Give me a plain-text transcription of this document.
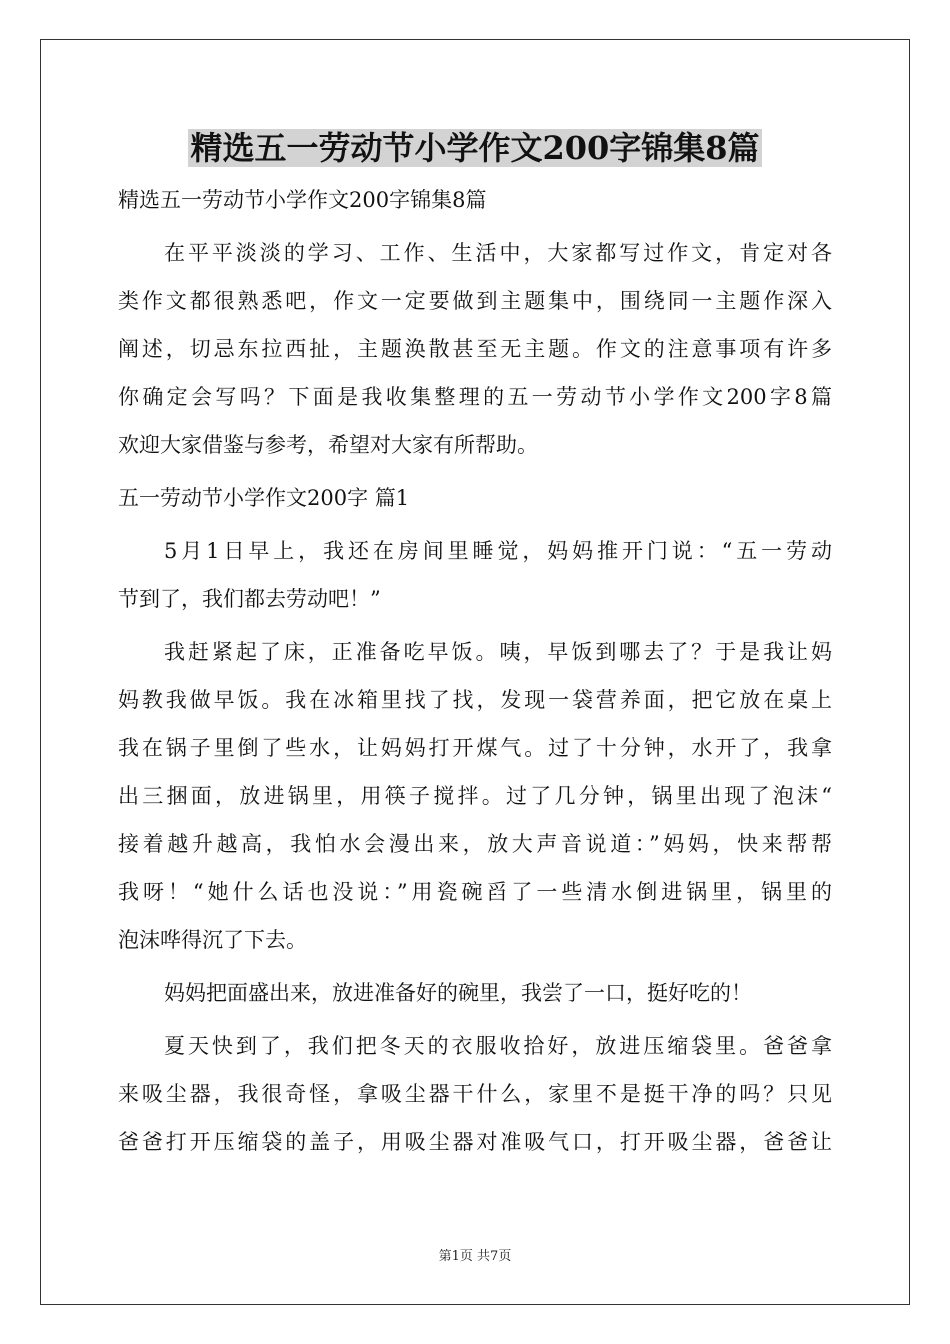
精选五一劳动节小学作文200字锦集8篇

精选五一劳动节小学作文200字锦集8篇

在平平淡淡的学习、工作、生活中，大家都写过作文，肯定对各

类作文都很熟悉吧，作文一定要做到主题集中，围绕同一主题作深入

阐述，切忌东拉西扯，主题涣散甚至无主题。作文的注意事项有许多

你确定会写吗？下面是我收集整理的五一劳动节小学作文200字8篇

欢迎大家借鉴与参考，希望对大家有所帮助。

五一劳动节小学作文200字 篇1

5月1日早上，我还在房间里睡觉，妈妈推开门说：“五一劳动

节到了，我们都去劳动吧！”

我赶紧起了床，正准备吃早饭。咦，早饭到哪去了？于是我让妈

妈教我做早饭。我在冰箱里找了找，发现一袋营养面，把它放在桌上

我在锅子里倒了些水，让妈妈打开煤气。过了十分钟，水开了，我拿

出三捆面，放进锅里，用筷子搅拌。过了几分钟，锅里出现了泡沫“

接着越升越高，我怕水会漫出来，放大声音说道：”妈妈，快来帮帮

我呀！“她什么话也没说：”用瓷碗舀了一些清水倒进锅里，锅里的

泡沫哗得沉了下去。

妈妈把面盛出来，放进准备好的碗里，我尝了一口，挺好吃的！

夏天快到了，我们把冬天的衣服收拾好，放进压缩袋里。爸爸拿

来吸尘器，我很奇怪，拿吸尘器干什么，家里不是挺干净的吗？只见

爸爸打开压缩袋的盖子，用吸尘器对准吸气口，打开吸尘器，爸爸让

第1页 共7页
